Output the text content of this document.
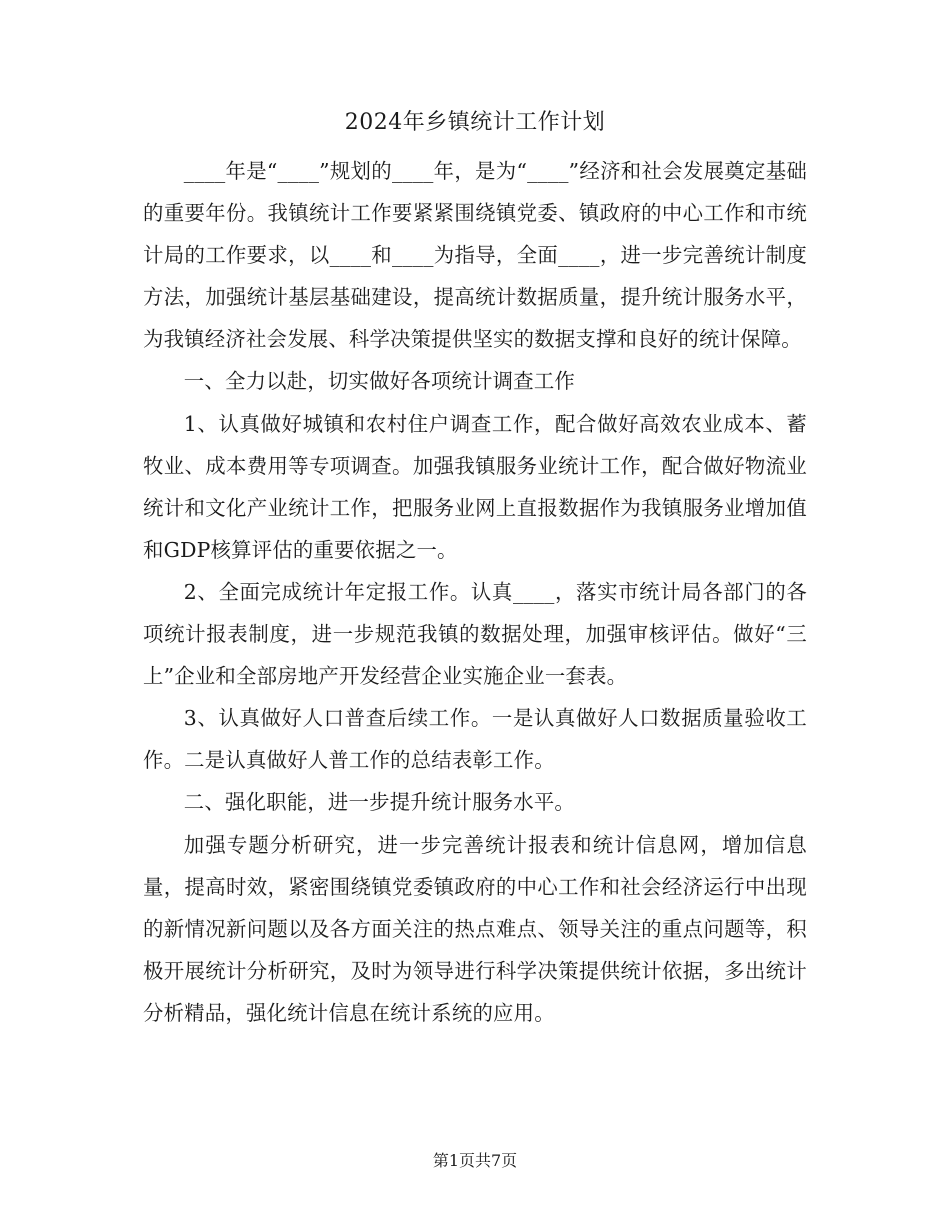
2024年乡镇统计工作计划

____年是“____”规划的____年，是为“____”经济和社会发展奠定基础的重要年份。我镇统计工作要紧紧围绕镇党委、镇政府的中心工作和市统计局的工作要求，以____和____为指导，全面____，进一步完善统计制度方法，加强统计基层基础建设，提高统计数据质量，提升统计服务水平，为我镇经济社会发展、科学决策提供坚实的数据支撑和良好的统计保障。

一、全力以赴，切实做好各项统计调查工作

1、认真做好城镇和农村住户调查工作，配合做好高效农业成本、蓄牧业、成本费用等专项调查。加强我镇服务业统计工作，配合做好物流业统计和文化产业统计工作，把服务业网上直报数据作为我镇服务业增加值和GDP核算评估的重要依据之一。

2、全面完成统计年定报工作。认真____，落实市统计局各部门的各项统计报表制度，进一步规范我镇的数据处理，加强审核评估。做好“三上”企业和全部房地产开发经营企业实施企业一套表。

3、认真做好人口普查后续工作。一是认真做好人口数据质量验收工作。二是认真做好人普工作的总结表彰工作。

二、强化职能，进一步提升统计服务水平。

加强专题分析研究，进一步完善统计报表和统计信息网，增加信息量，提高时效，紧密围绕镇党委镇政府的中心工作和社会经济运行中出现的新情况新问题以及各方面关注的热点难点、领导关注的重点问题等，积极开展统计分析研究，及时为领导进行科学决策提供统计依据，多出统计分析精品，强化统计信息在统计系统的应用。

第1页共7页
